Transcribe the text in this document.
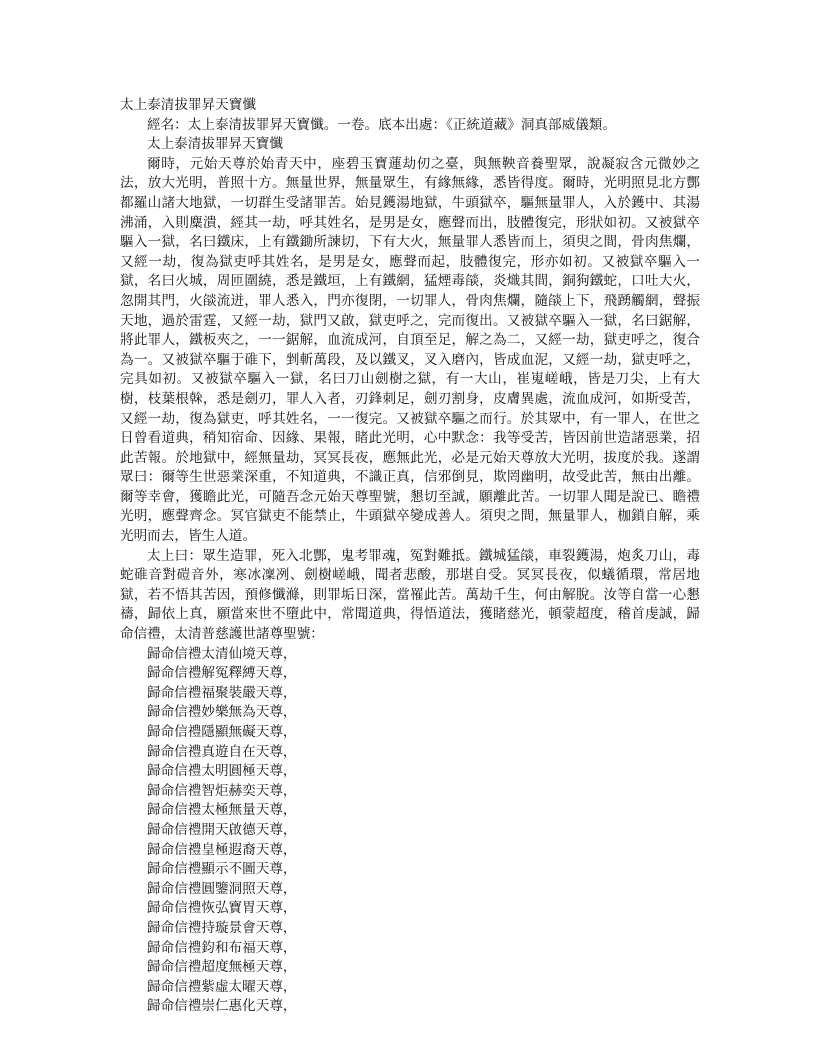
太上泰清拔罪昇天寶懺

經名：太上泰清拔罪昇天寶懺。一卷。底本出處：《正統道藏》洞真部威儀類。

太上泰清拔罪昇天寶懺

爾時，元始天尊於始青天中，座碧玉寶蓮劫仞之臺，與無鞅音養聖眾，說凝寂含元微妙之法，放大光明，普照十方。無量世界，無量眾生，有緣無緣，悉皆得度。爾時，光明照見北方酆都羅山諸大地獄，一切群生受諸罪苦。始見鑊湯地獄，牛頭獄卒，驅無量罪人，入於鑊中、其湯沸涌，入則麋潰，經其一劫，呼其姓名，是男是女，應聲而出，肢體復完，形狀如初。又被獄卒驅入一獄，名曰鐵床，上有鐵鋤所諫切，下有大火，無量罪人悉皆而上，須臾之間，骨肉焦爛，又經一劫，復為獄吏呼其姓名，是男是女，應聲而起，肢體復完，形亦如初。又被獄卒驅入一獄，名曰火城，周匝圍繞，悉是鐵垣，上有鐵網，猛煙毒燄，炎熾其間，銅狗鐵蛇，口吐大火，忽開其門，火燄流迸，罪人悉入，門亦復閉，一切罪人，骨肉焦爛，隨燄上下，飛踴觸網，聲振天地，過於雷霆，又經一劫，獄門又啟，獄吏呼之，完而復出。又被獄卒驅入一獄，名曰鋸解，將此罪人，鐵板夾之，一一鋸解，血流成河，自頂至足，解之為二，又經一劫，獄吏呼之，復合為一。又被獄卒驅于碓下，剉斬萬段，及以鐵叉，叉入磨內，皆成血泥，又經一劫，獄吏呼之，完具如初。又被獄卒驅入一獄，名曰刀山劍樹之獄，有一大山，崔嵬嵯峨，皆是刀尖，上有大樹，枝葉根榦，悉是劍刃，罪人入者，刃鋒刺足，劍刃割身，皮膚異處，流血成河，如斯受苦，又經一劫，復為獄吏，呼其姓名，一一復完。又被獄卒驅之而行。於其眾中，有一罪人，在世之日曾看道典，稍知宿命、因緣、果報，睹此光明，心中默念：我等受苦，皆因前世造諸惡業，招此苦報。於地獄中，經無量劫，冥冥長夜，應無此光，必是元始天尊放大光明，拔度於我。遂謂眾曰：爾等生世惡業深重，不知道典，不識正真，信邪倒見，欺罔幽明，故受此苦，無由出離。爾等幸會，獲瞻此光，可隨吾念元始天尊聖號，懇切至誠，願離此苦。一切罪人聞是說已、瞻禮光明，應聲齊念。冥官獄吏不能禁止，牛頭獄卒變成善人。須臾之間，無量罪人，枷鎖自解，乘光明而去，皆生人道。

太上曰：眾生造罪，死入北酆，鬼考罪魂，冤對難抵。鐵城猛燄，車裂鑊湯，炮炙刀山，毒蛇碓音對磑音外，寒冰凜冽、劍樹嵯峨，聞者悲酸，那堪自受。冥冥長夜，似蟻循環，常居地獄，若不悟其苦因，預修懺滌，則罪垢日深，當罹此苦。萬劫千生，何由解脫。汝等自當一心懇禱，歸依上真，願當來世不墮此中，常聞道典，得悟道法，獲睹慈光，頓蒙超度，稽首虔誠，歸命信禮，太清普慈護世諸尊聖號：

歸命信禮太清仙境天尊，
歸命信禮解冤釋縛天尊，
歸命信禮福聚裝嚴天尊，
歸命信禮妙樂無為天尊，
歸命信禮隱顯無礙天尊，
歸命信禮真遊自在天尊，
歸命信禮太明圓極天尊，
歸命信禮智炬赫奕天尊，
歸命信禮太極無量天尊，
歸命信禮開天啟德天尊，
歸命信禮皇極遐裔天尊，
歸命信禮顯示不圖天尊，
歸命信禮圓鑒洞照天尊，
歸命信禮恢弘寶胃天尊，
歸命信禮持璇景會天尊，
歸命信禮鈞和布福天尊，
歸命信禮超度無極天尊，
歸命信禮紫虛太曜天尊，
歸命信禮崇仁惠化天尊，
